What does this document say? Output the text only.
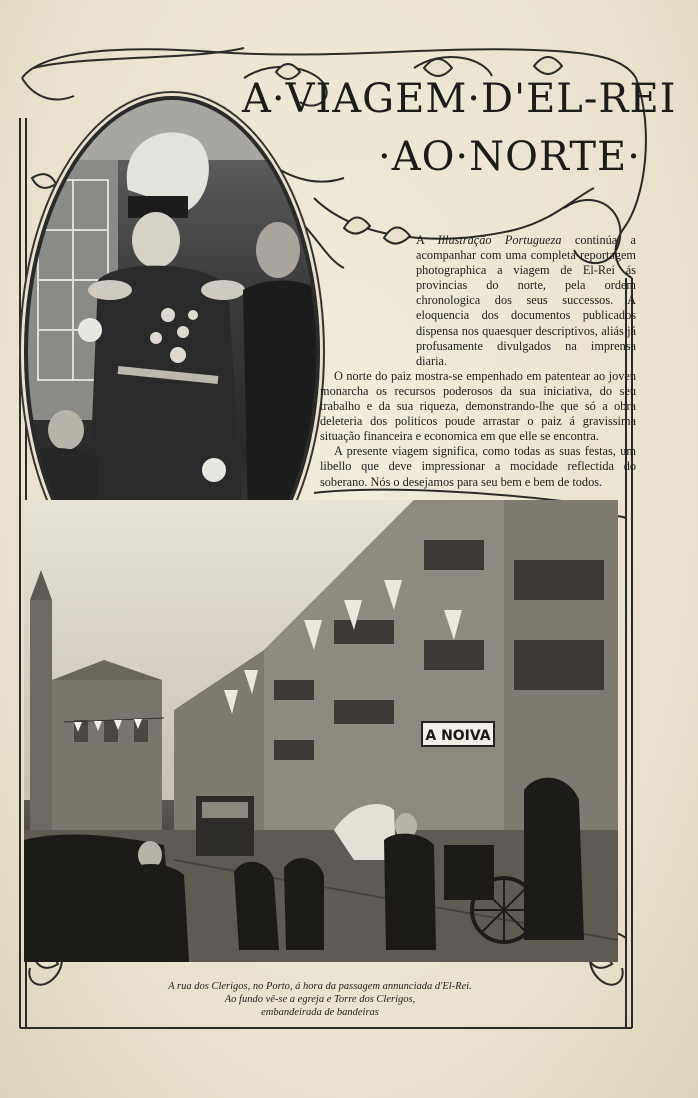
A·VIAGEM·D'EL-REI
·AO·NORTE·

A Illustração Portugueza continúa a acompanhar com uma completa reportagem photographica a viagem de El-Rei ás provincias do norte, pela ordem chronologica dos seus successos. A eloquencia dos documentos publicados dispensa nos quaesquer descriptivos, aliás já profusamente divulgados na imprensa diaria.

O norte do paiz mostra-se empenhado em patentear ao joven monarcha os recursos poderosos da sua iniciativa, do seu trabalho e da sua riqueza, demonstrando-lhe que só a obra deleteria dos politicos poude arrastar o paiz á gravissima situação financeira e economica em que elle se encontra.

A presente viagem significa, como todas as suas festas, um libello que deve impressionar a mocidade reflectida do soberano. Nós o desejamos para seu bem e bem de todos.

A NOIVA
A rua dos Clerigos, no Porto, á hora da passagem annunciada d'El-Rei.
Ao fundo vê-se a egreja e Torre dos Clerigos,
embandeirada de bandeiras
